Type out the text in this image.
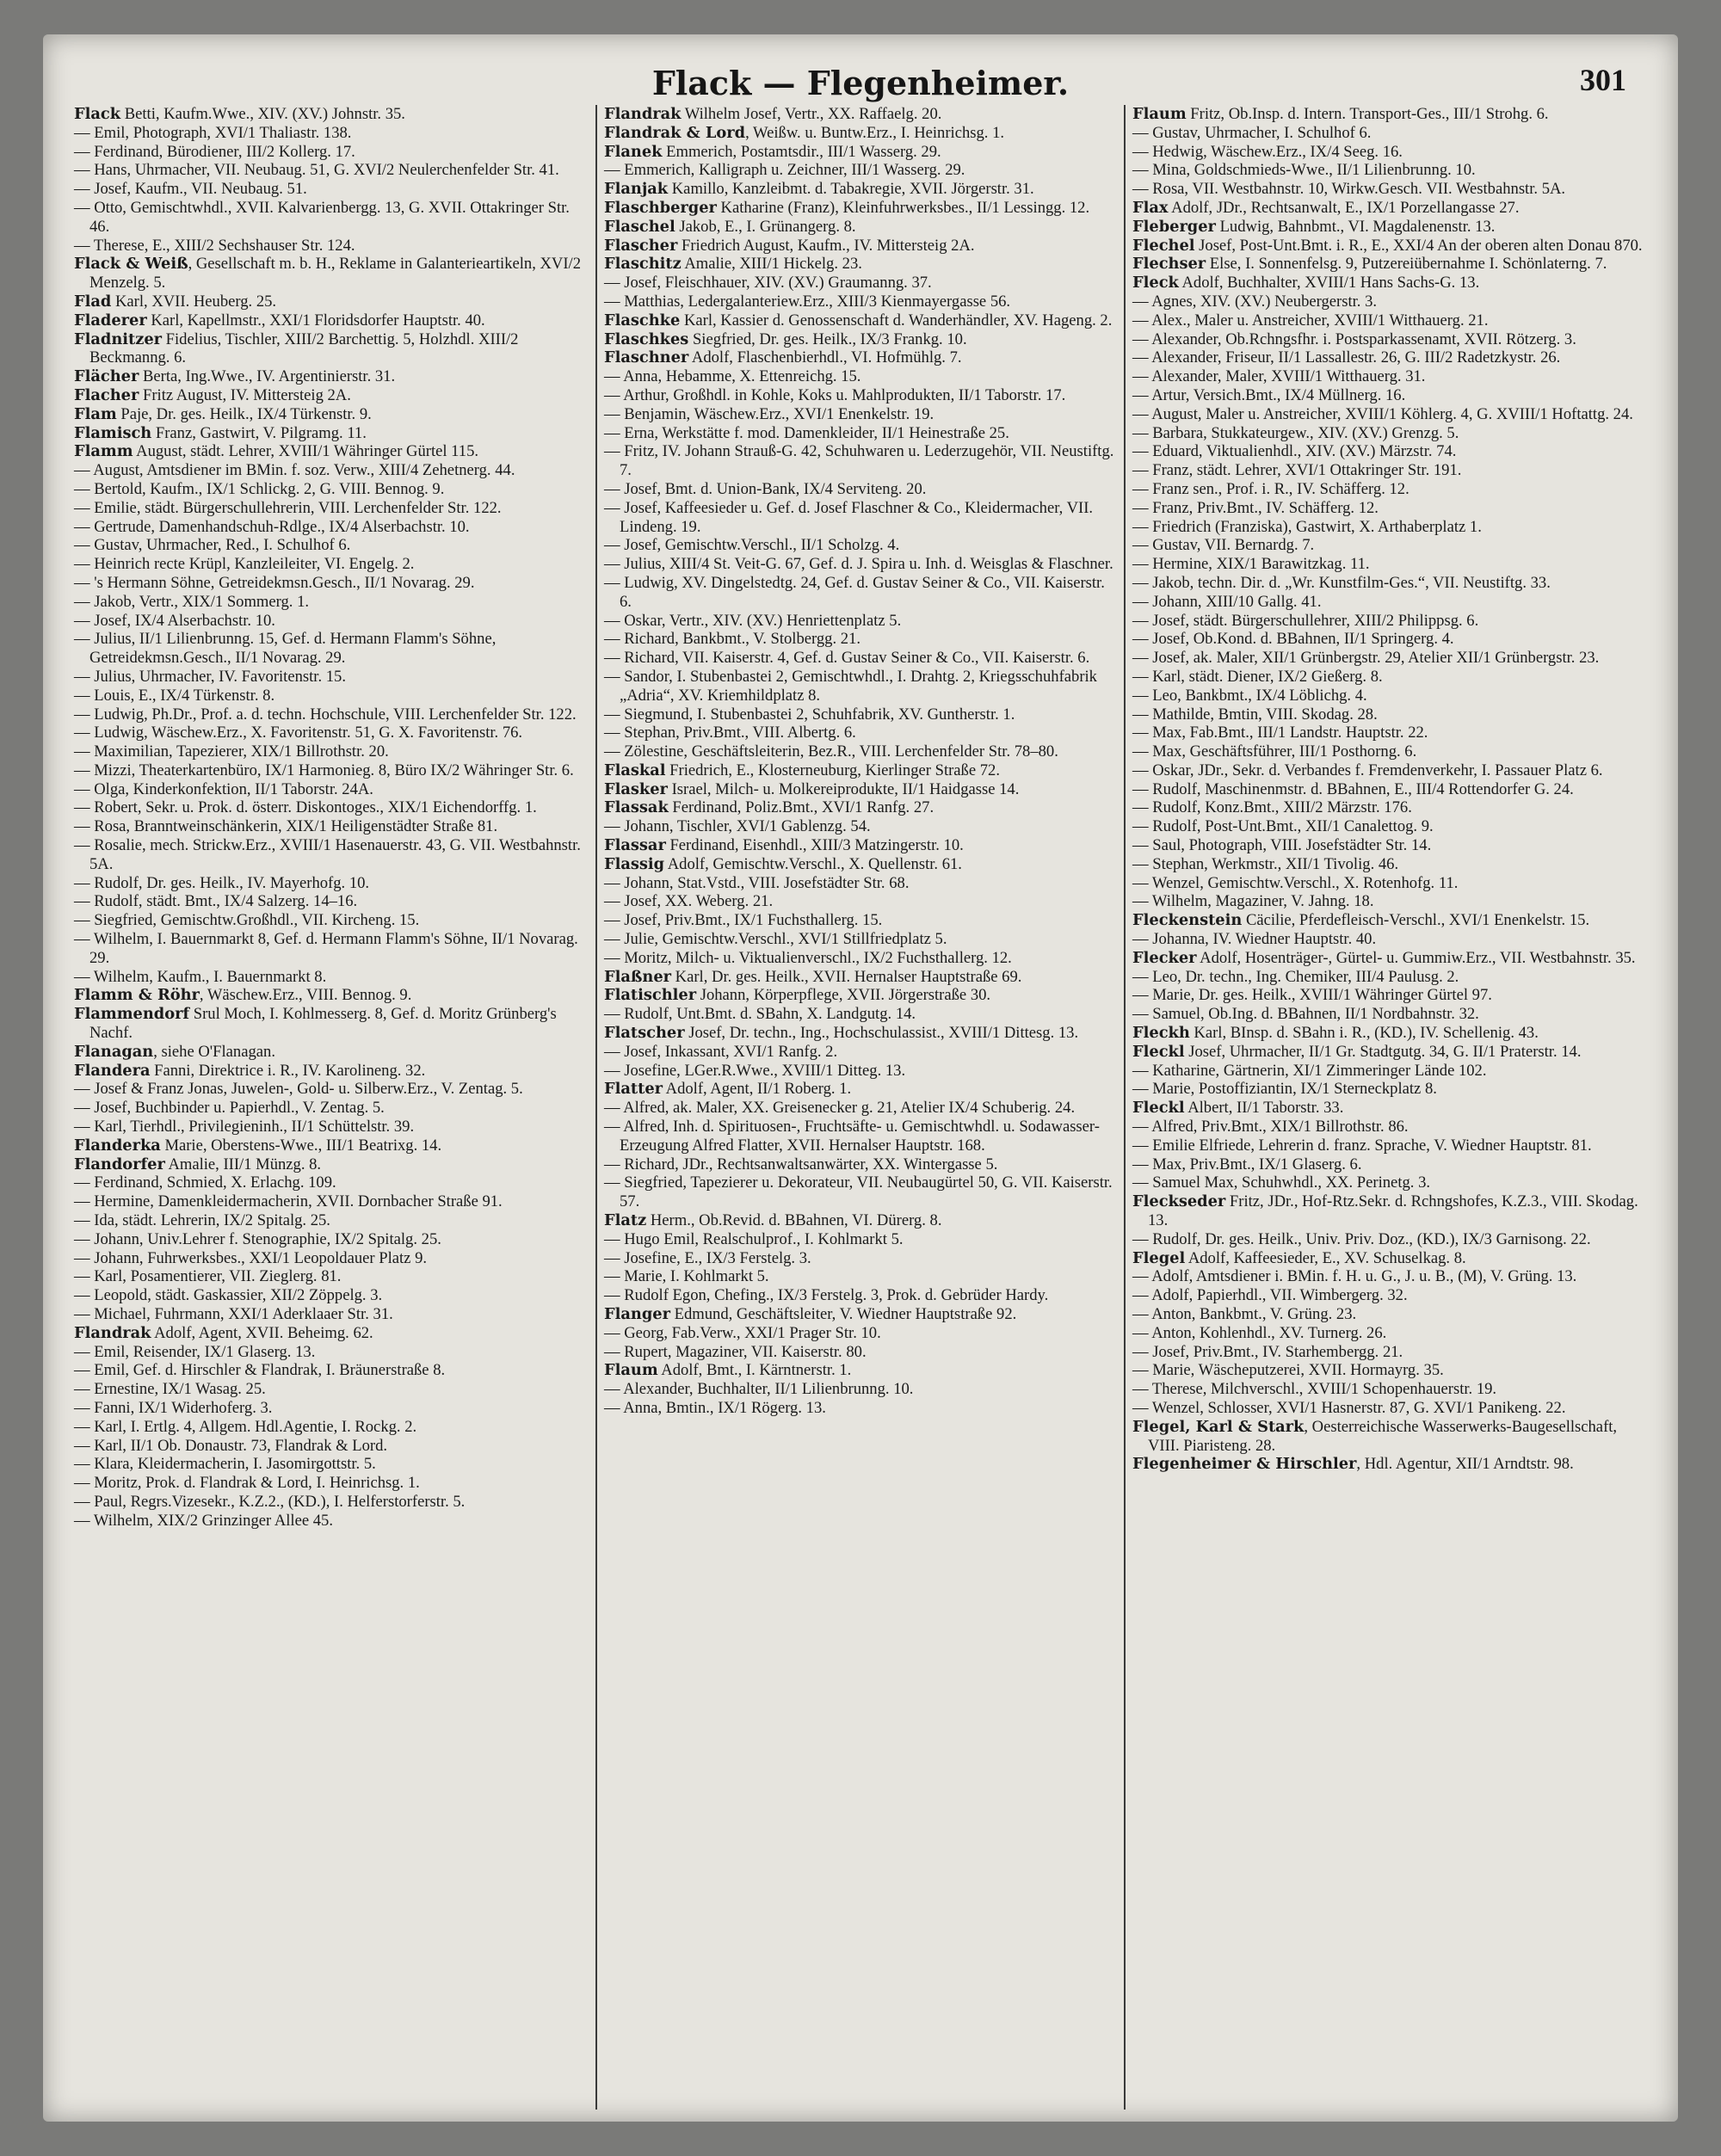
Flack — Flegenheimer.	301

Flack Betti, Kaufm.Wwe., XIV. (XV.) Johnstr. 35.

— Emil, Photograph, XVI/1 Thaliastr. 138.

— Ferdinand, Bürodiener, III/2 Kollerg. 17.

— Hans, Uhrmacher, VII. Neubaug. 51, G. XVI/2 Neulerchenfelder Str. 41.

— Josef, Kaufm., VII. Neubaug. 51.

— Otto, Gemischtwhdl., XVII. Kalvarienbergg. 13, G. XVII. Ottakringer Str. 46.

— Therese, E., XIII/2 Sechshauser Str. 124.

Flack & Weiß, Gesellschaft m. b. H., Reklame in Galanterieartikeln, XVI/2 Menzelg. 5.

Flad Karl, XVII. Heuberg. 25.

Fladerer Karl, Kapellmstr., XXI/1 Floridsdorfer Hauptstr. 40.

Fladnitzer Fidelius, Tischler, XIII/2 Barchettig. 5, Holzhdl. XIII/2 Beckmanng. 6.

Flächer Berta, Ing.Wwe., IV. Argentinierstr. 31.

Flacher Fritz August, IV. Mittersteig 2A.

Flam Paje, Dr. ges. Heilk., IX/4 Türkenstr. 9.

Flamisch Franz, Gastwirt, V. Pilgramg. 11.

Flamm August, städt. Lehrer, XVIII/1 Währinger Gürtel 115.

— August, Amtsdiener im BMin. f. soz. Verw., XIII/4 Zehetnerg. 44.

— Bertold, Kaufm., IX/1 Schlickg. 2, G. VIII. Bennog. 9.

— Emilie, städt. Bürgerschullehrerin, VIII. Lerchenfelder Str. 122.

— Gertrude, Damenhandschuh-Rdlge., IX/4 Alserbachstr. 10.

— Gustav, Uhrmacher, Red., I. Schulhof 6.

— Heinrich recte Krüpl, Kanzleileiter, VI. Engelg. 2.

— 's Hermann Söhne, Getreidekmsn.Gesch., II/1 Novarag. 29.

— Jakob, Vertr., XIX/1 Sommerg. 1.

— Josef, IX/4 Alserbachstr. 10.

— Julius, II/1 Lilienbrunng. 15, Gef. d. Hermann Flamm's Söhne, Getreidekmsn.Gesch., II/1 Novarag. 29.

— Julius, Uhrmacher, IV. Favoritenstr. 15.

— Louis, E., IX/4 Türkenstr. 8.

— Ludwig, Ph.Dr., Prof. a. d. techn. Hochschule, VIII. Lerchenfelder Str. 122.

— Ludwig, Wäschew.Erz., X. Favoritenstr. 51, G. X. Favoritenstr. 76.

— Maximilian, Tapezierer, XIX/1 Billrothstr. 20.

— Mizzi, Theaterkartenbüro, IX/1 Harmonieg. 8, Büro IX/2 Währinger Str. 6.

— Olga, Kinderkonfektion, II/1 Taborstr. 24A.

— Robert, Sekr. u. Prok. d. österr. Diskontoges., XIX/1 Eichendorffg. 1.

— Rosa, Branntweinschänkerin, XIX/1 Heiligenstädter Straße 81.

— Rosalie, mech. Strickw.Erz., XVIII/1 Hasenauerstr. 43, G. VII. Westbahnstr. 5A.

— Rudolf, Dr. ges. Heilk., IV. Mayerhofg. 10.

— Rudolf, städt. Bmt., IX/4 Salzerg. 14–16.

— Siegfried, Gemischtw.Großhdl., VII. Kircheng. 15.

— Wilhelm, I. Bauernmarkt 8, Gef. d. Hermann Flamm's Söhne, II/1 Novarag. 29.

— Wilhelm, Kaufm., I. Bauernmarkt 8.

Flamm & Röhr, Wäschew.Erz., VIII. Bennog. 9.

Flammendorf Srul Moch, I. Kohlmesserg. 8, Gef. d. Moritz Grünberg's Nachf.

Flanagan, siehe O'Flanagan.

Flandera Fanni, Direktrice i. R., IV. Karolineng. 32.

— Josef & Franz Jonas, Juwelen-, Gold- u. Silberw.Erz., V. Zentag. 5.

— Josef, Buchbinder u. Papierhdl., V. Zentag. 5.

— Karl, Tierhdl., Privilegieninh., II/1 Schüttelstr. 39.

Flanderka Marie, Oberstens-Wwe., III/1 Beatrixg. 14.

Flandorfer Amalie, III/1 Münzg. 8.

— Ferdinand, Schmied, X. Erlachg. 109.

— Hermine, Damenkleidermacherin, XVII. Dornbacher Straße 91.

— Ida, städt. Lehrerin, IX/2 Spitalg. 25.

— Johann, Univ.Lehrer f. Stenographie, IX/2 Spitalg. 25.

— Johann, Fuhrwerksbes., XXI/1 Leopoldauer Platz 9.

— Karl, Posamentierer, VII. Zieglerg. 81.

— Leopold, städt. Gaskassier, XII/2 Zöppelg. 3.

— Michael, Fuhrmann, XXI/1 Aderklaaer Str. 31.

Flandrak Adolf, Agent, XVII. Beheimg. 62.

— Emil, Reisender, IX/1 Glaserg. 13.

— Emil, Gef. d. Hirschler & Flandrak, I. Bräunerstraße 8.

— Ernestine, IX/1 Wasag. 25.

— Fanni, IX/1 Widerhoferg. 3.

— Karl, I. Ertlg. 4, Allgem. Hdl.Agentie, I. Rockg. 2.

— Karl, II/1 Ob. Donaustr. 73, Flandrak & Lord.

— Klara, Kleidermacherin, I. Jasomirgottstr. 5.

— Moritz, Prok. d. Flandrak & Lord, I. Heinrichsg. 1.

— Paul, Regrs.Vizesekr., K.Z.2., (KD.), I. Helferstorferstr. 5.

— Wilhelm, XIX/2 Grinzinger Allee 45.

Flandrak Wilhelm Josef, Vertr., XX. Raffaelg. 20.

Flandrak & Lord, Weißw. u. Buntw.Erz., I. Heinrichsg. 1.

Flanek Emmerich, Postamtsdir., III/1 Wasserg. 29.

— Emmerich, Kalligraph u. Zeichner, III/1 Wasserg. 29.

Flanjak Kamillo, Kanzleibmt. d. Tabakregie, XVII. Jörgerstr. 31.

Flaschberger Katharine (Franz), Kleinfuhrwerksbes., II/1 Lessingg. 12.

Flaschel Jakob, E., I. Grünangerg. 8.

Flascher Friedrich August, Kaufm., IV. Mittersteig 2A.

Flaschitz Amalie, XIII/1 Hickelg. 23.

— Josef, Fleischhauer, XIV. (XV.) Graumanng. 37.

— Matthias, Ledergalanteriew.Erz., XIII/3 Kienmayergasse 56.

Flaschke Karl, Kassier d. Genossenschaft d. Wanderhändler, XV. Hageng. 2.

Flaschkes Siegfried, Dr. ges. Heilk., IX/3 Frankg. 10.

Flaschner Adolf, Flaschenbierhdl., VI. Hofmühlg. 7.

— Anna, Hebamme, X. Ettenreichg. 15.

— Arthur, Großhdl. in Kohle, Koks u. Mahlprodukten, II/1 Taborstr. 17.

— Benjamin, Wäschew.Erz., XVI/1 Enenkelstr. 19.

— Erna, Werkstätte f. mod. Damenkleider, II/1 Heinestraße 25.

— Fritz, IV. Johann Strauß-G. 42, Schuhwaren u. Lederzugehör, VII. Neustiftg. 7.

— Josef, Bmt. d. Union-Bank, IX/4 Serviteng. 20.

— Josef, Kaffeesieder u. Gef. d. Josef Flaschner & Co., Kleidermacher, VII. Lindeng. 19.

— Josef, Gemischtw.Verschl., II/1 Scholzg. 4.

— Julius, XIII/4 St. Veit-G. 67, Gef. d. J. Spira u. Inh. d. Weisglas & Flaschner.

— Ludwig, XV. Dingelstedtg. 24, Gef. d. Gustav Seiner & Co., VII. Kaiserstr. 6.

— Oskar, Vertr., XIV. (XV.) Henriettenplatz 5.

— Richard, Bankbmt., V. Stolbergg. 21.

— Richard, VII. Kaiserstr. 4, Gef. d. Gustav Seiner & Co., VII. Kaiserstr. 6.

— Sandor, I. Stubenbastei 2, Gemischtwhdl., I. Drahtg. 2, Kriegsschuhfabrik „Adria“, XV. Kriemhildplatz 8.

— Siegmund, I. Stubenbastei 2, Schuhfabrik, XV. Guntherstr. 1.

— Stephan, Priv.Bmt., VIII. Albertg. 6.

— Zölestine, Geschäftsleiterin, Bez.R., VIII. Lerchenfelder Str. 78–80.

Flaskal Friedrich, E., Klosterneuburg, Kierlinger Straße 72.

Flasker Israel, Milch- u. Molkereiprodukte, II/1 Haidgasse 14.

Flassak Ferdinand, Poliz.Bmt., XVI/1 Ranfg. 27.

— Johann, Tischler, XVI/1 Gablenzg. 54.

Flassar Ferdinand, Eisenhdl., XIII/3 Matzingerstr. 10.

Flassig Adolf, Gemischtw.Verschl., X. Quellenstr. 61.

— Johann, Stat.Vstd., VIII. Josefstädter Str. 68.

— Josef, XX. Weberg. 21.

— Josef, Priv.Bmt., IX/1 Fuchsthallerg. 15.

— Julie, Gemischtw.Verschl., XVI/1 Stillfriedplatz 5.

— Moritz, Milch- u. Viktualienverschl., IX/2 Fuchsthallerg. 12.

Flaßner Karl, Dr. ges. Heilk., XVII. Hernalser Hauptstraße 69.

Flatischler Johann, Körperpflege, XVII. Jörgerstraße 30.

— Rudolf, Unt.Bmt. d. SBahn, X. Landgutg. 14.

Flatscher Josef, Dr. techn., Ing., Hochschulassist., XVIII/1 Dittesg. 13.

— Josef, Inkassant, XVI/1 Ranfg. 2.

— Josefine, LGer.R.Wwe., XVIII/1 Ditteg. 13.

Flatter Adolf, Agent, II/1 Roberg. 1.

— Alfred, ak. Maler, XX. Greisenecker g. 21, Atelier IX/4 Schuberig. 24.

— Alfred, Inh. d. Spirituosen-, Fruchtsäfte- u. Gemischtwhdl. u. Sodawasser-Erzeugung Alfred Flatter, XVII. Hernalser Hauptstr. 168.

— Richard, JDr., Rechtsanwaltsanwärter, XX. Wintergasse 5.

— Siegfried, Tapezierer u. Dekorateur, VII. Neubaugürtel 50, G. VII. Kaiserstr. 57.

Flatz Herm., Ob.Revid. d. BBahnen, VI. Dürerg. 8.

— Hugo Emil, Realschulprof., I. Kohlmarkt 5.

— Josefine, E., IX/3 Ferstelg. 3.

— Marie, I. Kohlmarkt 5.

— Rudolf Egon, Chefing., IX/3 Ferstelg. 3, Prok. d. Gebrüder Hardy.

Flanger Edmund, Geschäftsleiter, V. Wiedner Hauptstraße 92.

— Georg, Fab.Verw., XXI/1 Prager Str. 10.

— Rupert, Magaziner, VII. Kaiserstr. 80.

Flaum Adolf, Bmt., I. Kärntnerstr. 1.

— Alexander, Buchhalter, II/1 Lilienbrunng. 10.

— Anna, Bmtin., IX/1 Rögerg. 13.

Flaum Fritz, Ob.Insp. d. Intern. Transport-Ges., III/1 Strohg. 6.

— Gustav, Uhrmacher, I. Schulhof 6.

— Hedwig, Wäschew.Erz., IX/4 Seeg. 16.

— Mina, Goldschmieds-Wwe., II/1 Lilienbrunng. 10.

— Rosa, VII. Westbahnstr. 10, Wirkw.Gesch. VII. Westbahnstr. 5A.

Flax Adolf, JDr., Rechtsanwalt, E., IX/1 Porzellangasse 27.

Fleberger Ludwig, Bahnbmt., VI. Magdalenenstr. 13.

Flechel Josef, Post-Unt.Bmt. i. R., E., XXI/4 An der oberen alten Donau 870.

Flechser Else, I. Sonnenfelsg. 9, Putzereiübernahme I. Schönlaterng. 7.

Fleck Adolf, Buchhalter, XVIII/1 Hans Sachs-G. 13.

— Agnes, XIV. (XV.) Neubergerstr. 3.

— Alex., Maler u. Anstreicher, XVIII/1 Witthauerg. 21.

— Alexander, Ob.Rchngsfhr. i. Postsparkassenamt, XVII. Rötzerg. 3.

— Alexander, Friseur, II/1 Lassallestr. 26, G. III/2 Radetzkystr. 26.

— Alexander, Maler, XVIII/1 Witthauerg. 31.

— Artur, Versich.Bmt., IX/4 Müllnerg. 16.

— August, Maler u. Anstreicher, XVIII/1 Köhlerg. 4, G. XVIII/1 Hoftattg. 24.

— Barbara, Stukkateurgew., XIV. (XV.) Grenzg. 5.

— Eduard, Viktualienhdl., XIV. (XV.) Märzstr. 74.

— Franz, städt. Lehrer, XVI/1 Ottakringer Str. 191.

— Franz sen., Prof. i. R., IV. Schäfferg. 12.

— Franz, Priv.Bmt., IV. Schäfferg. 12.

— Friedrich (Franziska), Gastwirt, X. Arthaberplatz 1.

— Gustav, VII. Bernardg. 7.

— Hermine, XIX/1 Barawitzkag. 11.

— Jakob, techn. Dir. d. „Wr. Kunstfilm-Ges.“, VII. Neustiftg. 33.

— Johann, XIII/10 Gallg. 41.

— Josef, städt. Bürgerschullehrer, XIII/2 Philippsg. 6.

— Josef, Ob.Kond. d. BBahnen, II/1 Springerg. 4.

— Josef, ak. Maler, XII/1 Grünbergstr. 29, Atelier XII/1 Grünbergstr. 23.

— Karl, städt. Diener, IX/2 Gießerg. 8.

— Leo, Bankbmt., IX/4 Löblichg. 4.

— Mathilde, Bmtin, VIII. Skodag. 28.

— Max, Fab.Bmt., III/1 Landstr. Hauptstr. 22.

— Max, Geschäftsführer, III/1 Posthorng. 6.

— Oskar, JDr., Sekr. d. Verbandes f. Fremdenverkehr, I. Passauer Platz 6.

— Rudolf, Maschinenmstr. d. BBahnen, E., III/4 Rottendorfer G. 24.

— Rudolf, Konz.Bmt., XIII/2 Märzstr. 176.

— Rudolf, Post-Unt.Bmt., XII/1 Canalettog. 9.

— Saul, Photograph, VIII. Josefstädter Str. 14.

— Stephan, Werkmstr., XII/1 Tivolig. 46.

— Wenzel, Gemischtw.Verschl., X. Rotenhofg. 11.

— Wilhelm, Magaziner, V. Jahng. 18.

Fleckenstein Cäcilie, Pferdefleisch-Verschl., XVI/1 Enenkelstr. 15.

— Johanna, IV. Wiedner Hauptstr. 40.

Flecker Adolf, Hosenträger-, Gürtel- u. Gummiw.Erz., VII. Westbahnstr. 35.

— Leo, Dr. techn., Ing. Chemiker, III/4 Paulusg. 2.

— Marie, Dr. ges. Heilk., XVIII/1 Währinger Gürtel 97.

— Samuel, Ob.Ing. d. BBahnen, II/1 Nordbahnstr. 32.

Fleckh Karl, BInsp. d. SBahn i. R., (KD.), IV. Schellenig. 43.

Fleckl Josef, Uhrmacher, II/1 Gr. Stadtgutg. 34, G. II/1 Praterstr. 14.

— Katharine, Gärtnerin, XI/1 Zimmeringer Lände 102.

— Marie, Postoffiziantin, IX/1 Sterneckplatz 8.

Fleckl Albert, II/1 Taborstr. 33.

— Alfred, Priv.Bmt., XIX/1 Billrothstr. 86.

— Emilie Elfriede, Lehrerin d. franz. Sprache, V. Wiedner Hauptstr. 81.

— Max, Priv.Bmt., IX/1 Glaserg. 6.

— Samuel Max, Schuhwhdl., XX. Perinetg. 3.

Fleckseder Fritz, JDr., Hof-Rtz.Sekr. d. Rchngshofes, K.Z.3., VIII. Skodag. 13.

— Rudolf, Dr. ges. Heilk., Univ. Priv. Doz., (KD.), IX/3 Garnisong. 22.

Flegel Adolf, Kaffeesieder, E., XV. Schuselkag. 8.

— Adolf, Amtsdiener i. BMin. f. H. u. G., J. u. B., (M), V. Grüng. 13.

— Adolf, Papierhdl., VII. Wimbergerg. 32.

— Anton, Bankbmt., V. Grüng. 23.

— Anton, Kohlenhdl., XV. Turnerg. 26.

— Josef, Priv.Bmt., IV. Starhembergg. 21.

— Marie, Wäscheputzerei, XVII. Hormayrg. 35.

— Therese, Milchverschl., XVIII/1 Schopenhauerstr. 19.

— Wenzel, Schlosser, XVI/1 Hasnerstr. 87, G. XVI/1 Panikeng. 22.

Flegel, Karl & Stark, Oesterreichische Wasserwerks-Baugesellschaft, VIII. Piaristeng. 28.

Flegenheimer & Hirschler, Hdl. Agentur, XII/1 Arndtstr. 98.
